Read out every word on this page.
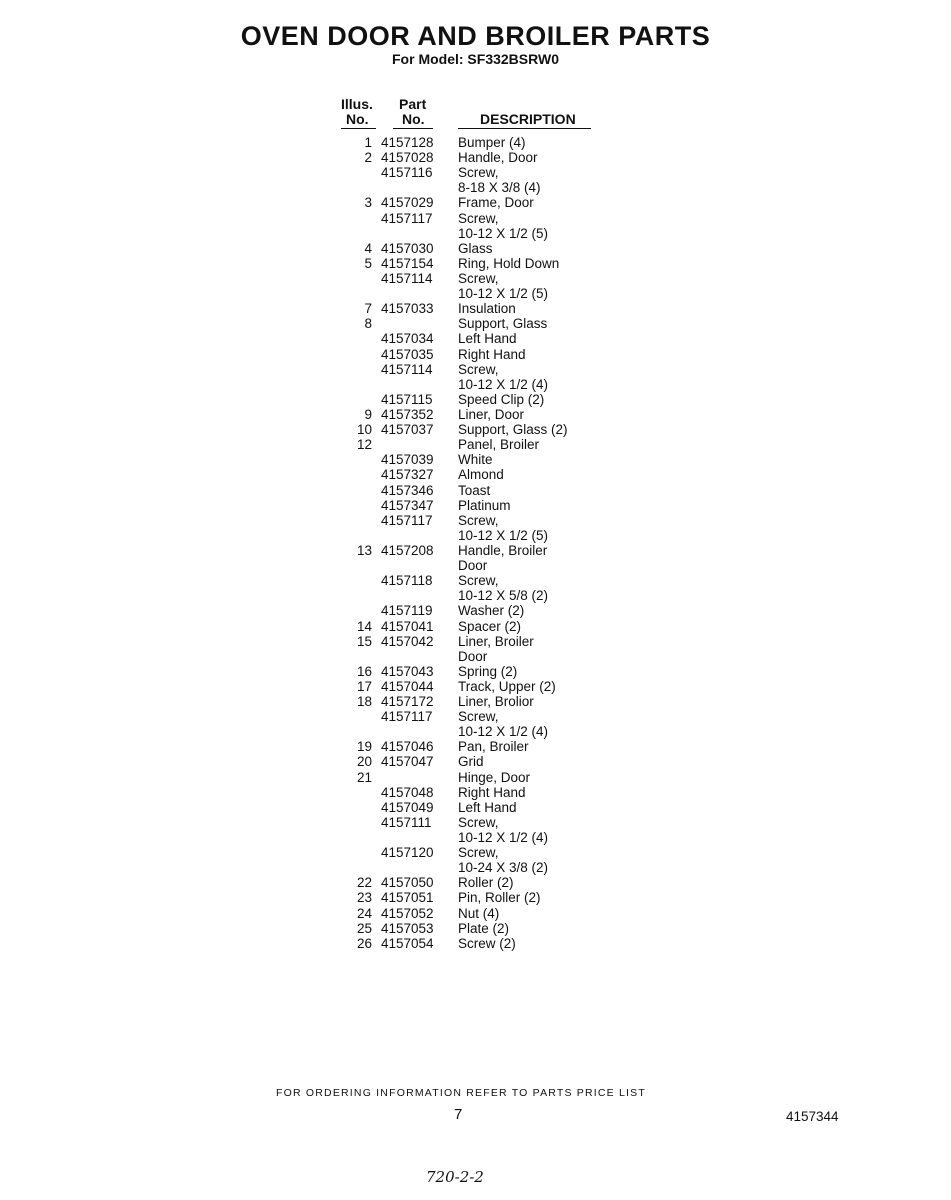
OVEN DOOR AND BROILER PARTS
For Model: SF332BSRW0
Illus.
No.
Part
No.	DESCRIPTION
1 4157128	Bumper (4)
2 4157028	Handle, Door
4157116	Screw,
8-18 X 3/8 (4)
3 4157029	Frame, Door
4157117	Screw,
10-12 X 1/2 (5)
4 4157030	Glass
5 4157154	Ring, Hold Down
4157114	Screw,
10-12 X 1/2 (5)
7 4157033	Insulation
8	Support, Glass
4157034	Left Hand
4157035	Right Hand
4157114	Screw,
10-12 X 1/2 (4)
4157115	Speed Clip (2)
9 4157352	Liner, Door
10 4157037	Support, Glass (2)
12	Panel, Broiler
4157039	White
4157327	Almond
4157346	Toast
4157347	Platinum
4157117	Screw,
10-12 X 1/2 (5)
13 4157208	Handle, Broiler
Door
4157118	Screw,
10-12 X 5/8 (2)
4157119	Washer (2)
14 4157041	Spacer (2)
15 4157042	Liner, Broiler
Door
16 4157043	Spring (2)
17 4157044	Track, Upper (2)
18 4157172	Liner, Brolior
4157117	Screw,
10-12 X 1/2 (4)
19 4157046	Pan, Broiler
20 4157047	Grid
21	Hinge, Door
4157048	Right Hand
4157049	Left Hand
4157111	Screw,
10-12 X 1/2 (4)
4157120	Screw,
10-24 X 3/8 (2)
22 4157050	Roller (2)
23 4157051	Pin, Roller (2)
24 4157052	Nut (4)
25 4157053	Plate (2)
26 4157054	Screw (2)
FOR ORDERING INFORMATION REFER TO PARTS PRICE LIST
7	4157344
720-2-2
